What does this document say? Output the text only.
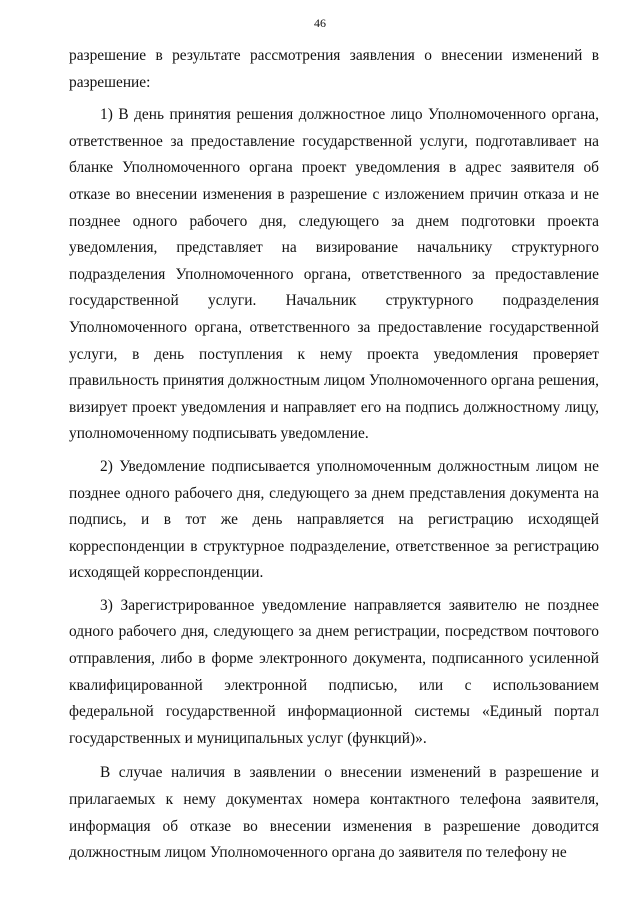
46

разрешение в результате рассмотрения заявления о внесении изменений в разрешение:

1) В день принятия решения должностное лицо Уполномоченного органа, ответственное за предоставление государственной услуги, подготавливает на бланке Уполномоченного органа проект уведомления в адрес заявителя об отказе во внесении изменения в разрешение с изложением причин отказа и не позднее одного рабочего дня, следующего за днем подготовки проекта уведомления, представляет на визирование начальнику структурного подразделения Уполномоченного органа, ответственного за предоставление государственной услуги. Начальник структурного подразделения Уполномоченного органа, ответственного за предоставление государственной услуги, в день поступления к нему проекта уведомления проверяет правильность принятия должностным лицом Уполномоченного органа решения, визирует проект уведомления и направляет его на подпись должностному лицу, уполномоченному подписывать уведомление.

2) Уведомление подписывается уполномоченным должностным лицом не позднее одного рабочего дня, следующего за днем представления документа на подпись, и в тот же день направляется на регистрацию исходящей корреспонденции в структурное подразделение, ответственное за регистрацию исходящей корреспонденции.

3) Зарегистрированное уведомление направляется заявителю не позднее одного рабочего дня, следующего за днем регистрации, посредством почтового отправления, либо в форме электронного документа, подписанного усиленной квалифицированной электронной подписью, или с использованием федеральной государственной информационной системы «Единый портал государственных и муниципальных услуг (функций)».

В случае наличия в заявлении о внесении изменений в разрешение и прилагаемых к нему документах номера контактного телефона заявителя, информация об отказе во внесении изменения в разрешение доводится должностным лицом Уполномоченного органа до заявителя по телефону не
